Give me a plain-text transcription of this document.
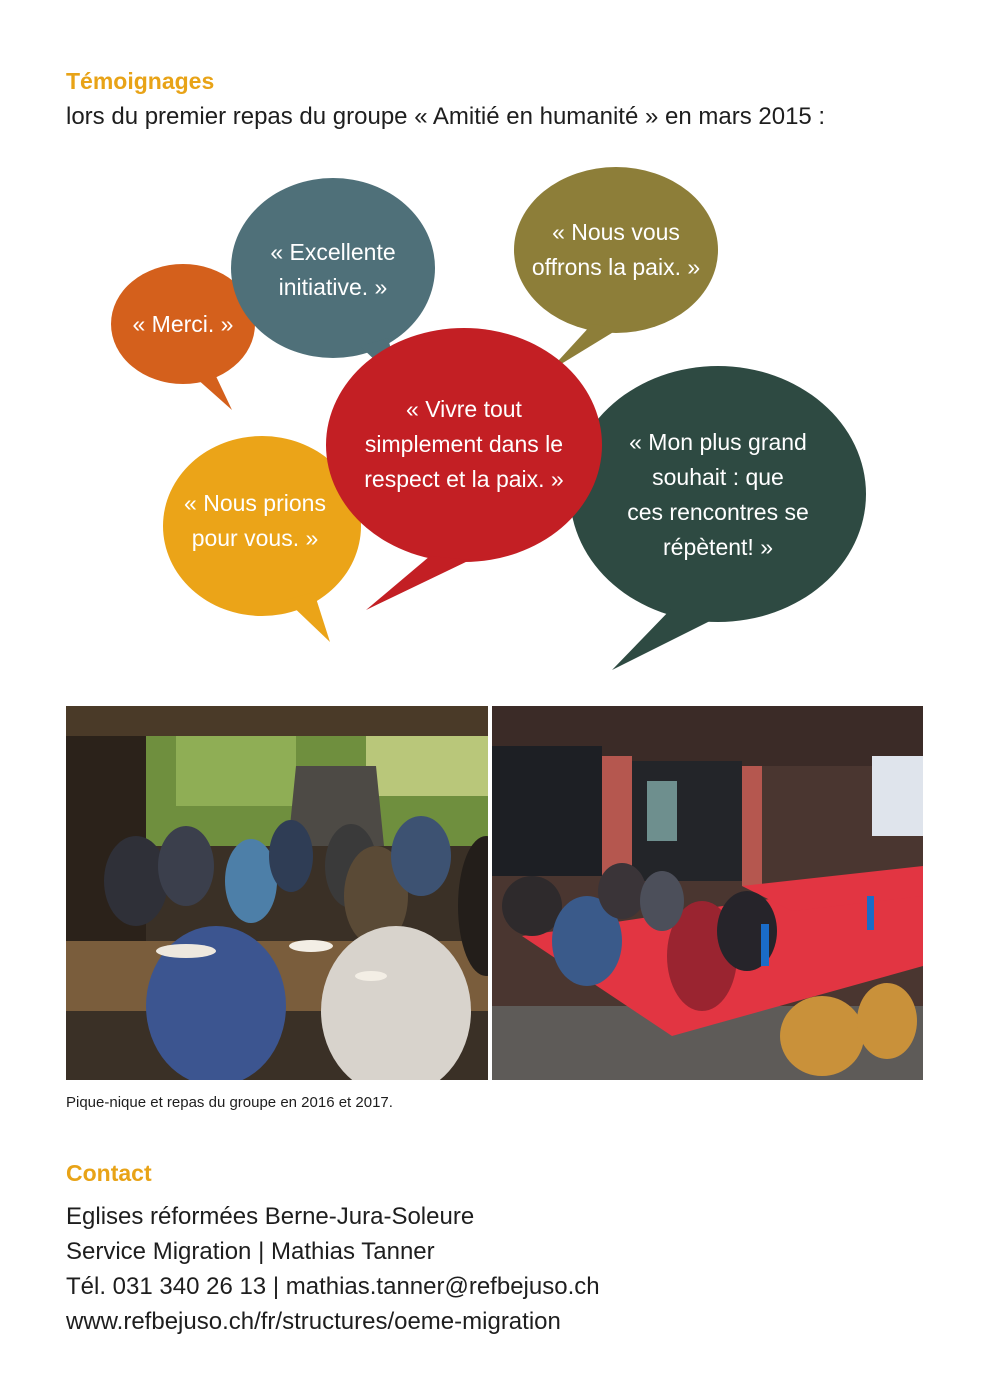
Témoignages

lors du premier repas du groupe « Amitié en humanité » en mars 2015 :

« Merci. »
« Excellente
initiative. »
« Nous vous
offrons la paix. »
« Vivre tout
simplement dans le
respect et la paix. »
« Nous prions
pour vous. »
« Mon plus grand
souhait : que
ces rencontres se
répètent! »

Pique-nique et repas du groupe en 2016 et 2017.

Contact

Eglises réformées Berne-Jura-Soleure

Service Migration | Mathias Tanner

Tél. 031 340 26 13 | mathias.tanner@refbejuso.ch

www.refbejuso.ch/fr/structures/oeme-migration
